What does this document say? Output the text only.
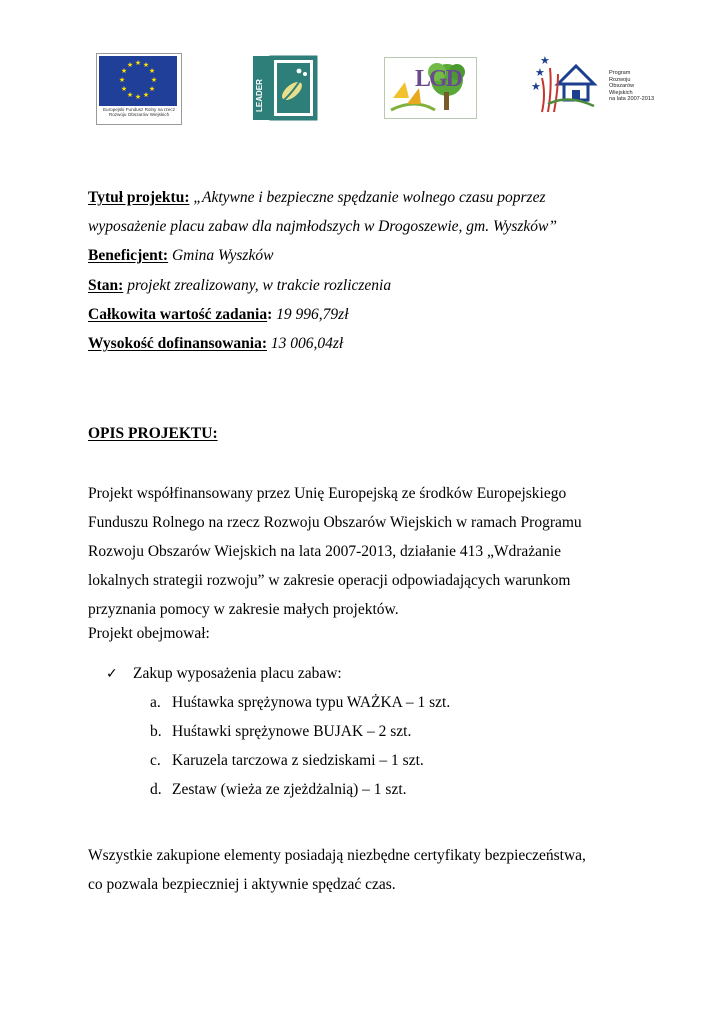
★ ★
★
★
★
★
★
★
★
★
★
★
Europejski Fundusz Rolny na rzecz Rozwoju Obszarów Wiejskich
LGD	★
★
★
Program
Rozwoju
Obszarów
Wiejskich
na lata 2007-2013
Tytuł projektu: „Aktywne i bezpieczne spędzanie wolnego czasu poprzez
wyposażenie placu zabaw dla najmłodszych w Drogoszewie, gm. Wyszków”
Beneficjent: Gmina Wyszków
Stan: projekt zrealizowany, w trakcie rozliczenia
Całkowita wartość zadania: 19 996,79zł
Wysokość dofinansowania: 13 006,04zł
OPIS PROJEKTU:
Projekt współfinansowany przez Unię Europejską ze środków Europejskiego
Funduszu Rolnego na rzecz Rozwoju Obszarów Wiejskich w ramach Programu
Rozwoju Obszarów Wiejskich na lata 2007-2013, działanie 413 „Wdrażanie
lokalnych strategii rozwoju” w zakresie operacji odpowiadających warunkom
przyznania pomocy w zakresie małych projektów.
Projekt obejmował:
✓ Zakup wyposażenia placu zabaw:
a. Huśtawka sprężynowa typu WAŻKA – 1 szt.
b. Huśtawki sprężynowe BUJAK – 2 szt.
c. Karuzela tarczowa z siedziskami – 1 szt.
d. Zestaw (wieża ze zjeżdżalnią) – 1 szt.
Wszystkie zakupione elementy posiadają niezbędne certyfikaty bezpieczeństwa,
co pozwala bezpieczniej i aktywnie spędzać czas.
